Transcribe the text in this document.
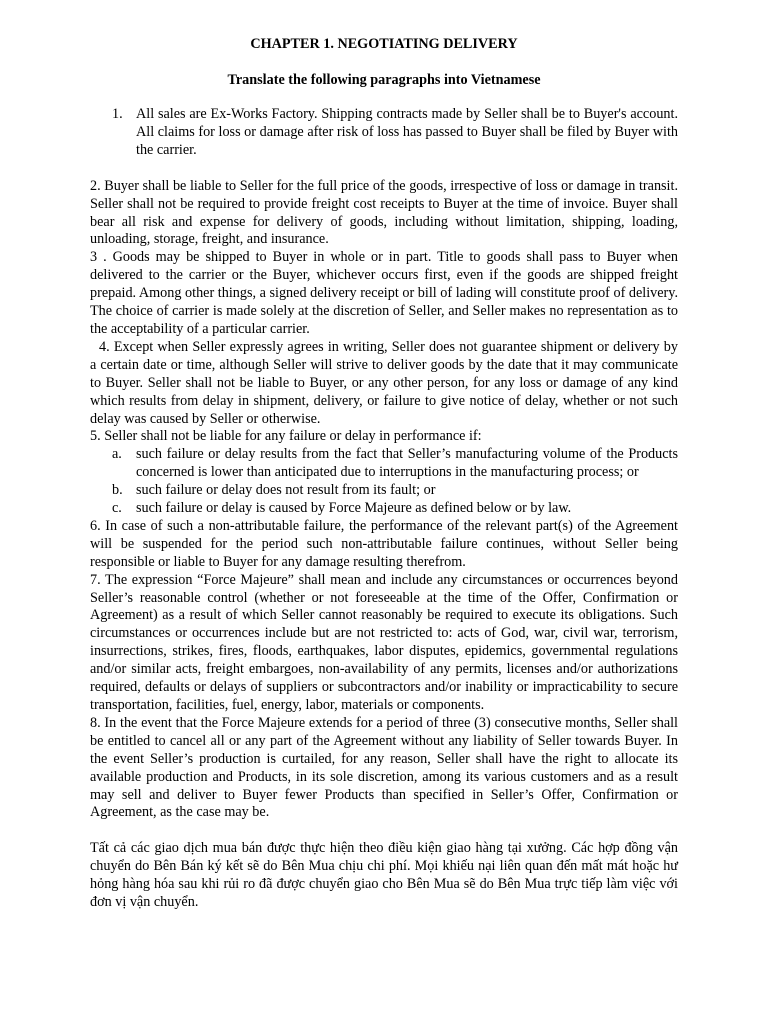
CHAPTER 1. NEGOTIATING DELIVERY

Translate the following paragraphs into Vietnamese

1. All sales are Ex-Works Factory. Shipping contracts made by Seller shall be to Buyer's account. All claims for loss or damage after risk of loss has passed to Buyer shall be filed by Buyer with the carrier.

2. Buyer shall be liable to Seller for the full price of the goods, irrespective of loss or damage in transit. Seller shall not be required to provide freight cost receipts to Buyer at the time of invoice. Buyer shall bear all risk and expense for delivery of goods, including without limitation, shipping, loading, unloading, storage, freight, and insurance.

3 . Goods may be shipped to Buyer in whole or in part. Title to goods shall pass to Buyer when delivered to the carrier or the Buyer, whichever occurs first, even if the goods are shipped freight prepaid. Among other things, a signed delivery receipt or bill of lading will constitute proof of delivery. The choice of carrier is made solely at the discretion of Seller, and Seller makes no representation as to the acceptability of a particular carrier.

4. Except when Seller expressly agrees in writing, Seller does not guarantee shipment or delivery by a certain date or time, although Seller will strive to deliver goods by the date that it may communicate to Buyer. Seller shall not be liable to Buyer, or any other person, for any loss or damage of any kind which results from delay in shipment, delivery, or failure to give notice of delay, whether or not such delay was caused by Seller or otherwise.

5. Seller shall not be liable for any failure or delay in performance if:

a. such failure or delay results from the fact that Seller’s manufacturing volume of the Products concerned is lower than anticipated due to interruptions in the manufacturing process; or
b. such failure or delay does not result from its fault; or
c. such failure or delay is caused by Force Majeure as defined below or by law.

6. In case of such a non-attributable failure, the performance of the relevant part(s) of the Agreement will be suspended for the period such non-attributable failure continues, without Seller being responsible or liable to Buyer for any damage resulting therefrom.

7. The expression “Force Majeure” shall mean and include any circumstances or occurrences beyond Seller’s reasonable control (whether or not foreseeable at the time of the Offer, Confirmation or Agreement) as a result of which Seller cannot reasonably be required to execute its obligations. Such circumstances or occurrences include but are not restricted to: acts of God, war, civil war, terrorism, insurrections, strikes, fires, floods, earthquakes, labor disputes, epidemics, governmental regulations and/or similar acts, freight embargoes, non-availability of any permits, licenses and/or authorizations required, defaults or delays of suppliers or subcontractors and/or inability or impracticability to secure transportation, facilities, fuel, energy, labor, materials or components.

8. In the event that the Force Majeure extends for a period of three (3) consecutive months, Seller shall be entitled to cancel all or any part of the Agreement without any liability of Seller towards Buyer. In the event Seller’s production is curtailed, for any reason, Seller shall have the right to allocate its available production and Products, in its sole discretion, among its various customers and as a result may sell and deliver to Buyer fewer Products than specified in Seller’s Offer, Confirmation or Agreement, as the case may be.

Tất cả các giao dịch mua bán được thực hiện theo điều kiện giao hàng tại xưởng. Các hợp đồng vận chuyển do Bên Bán ký kết sẽ do Bên Mua chịu chi phí. Mọi khiếu nại liên quan đến mất mát hoặc hư hỏng hàng hóa sau khi rủi ro đã được chuyển giao cho Bên Mua sẽ do Bên Mua trực tiếp làm việc với đơn vị vận chuyển.
